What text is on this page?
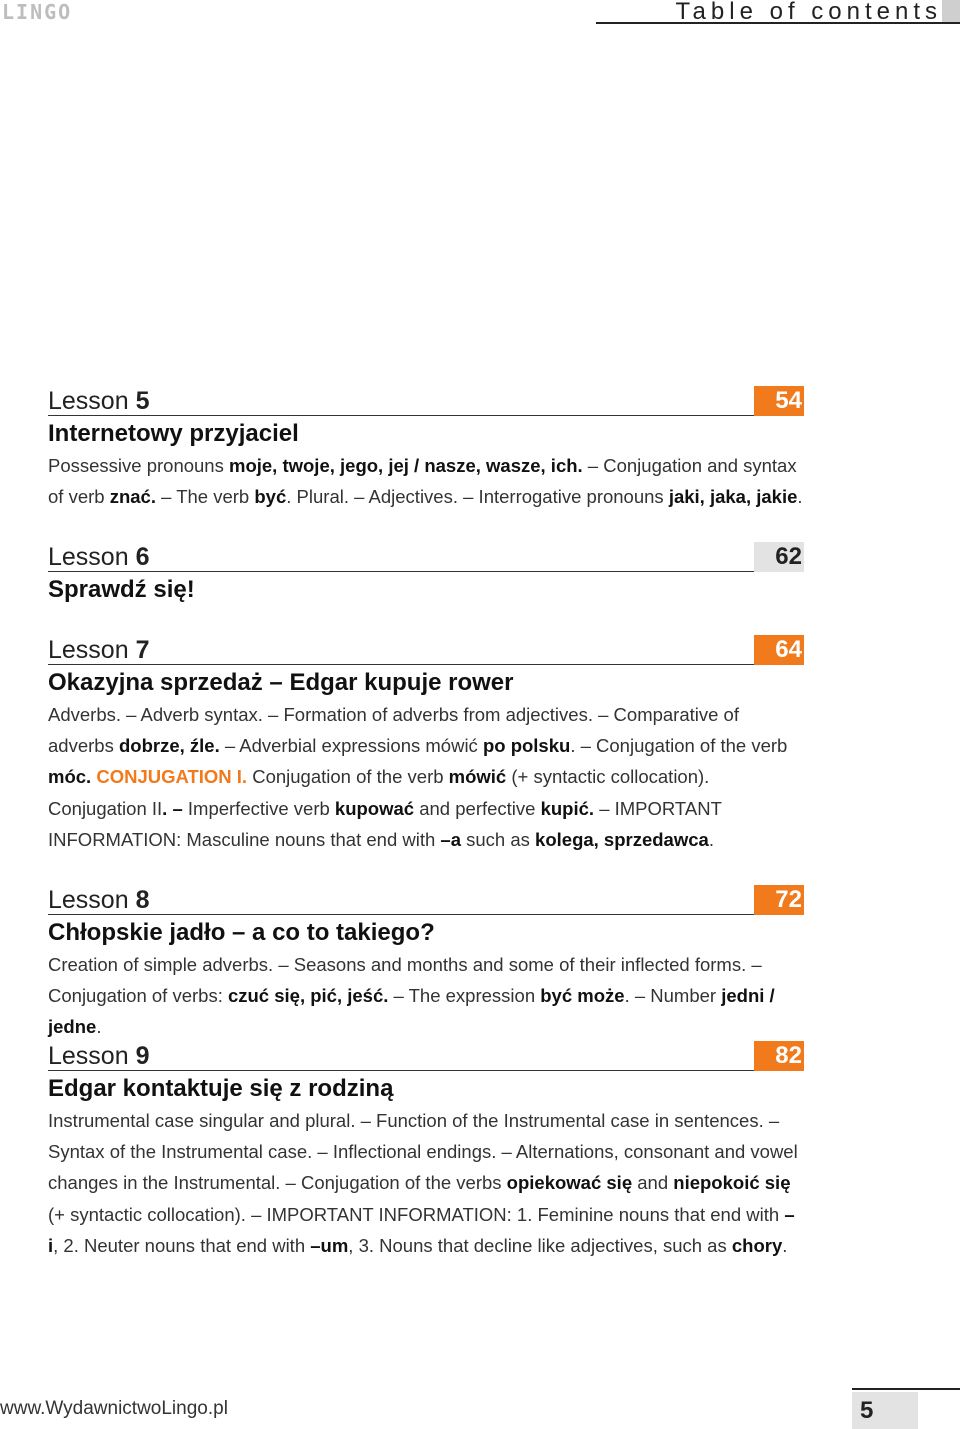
LINGO	Table of contents
Lesson 5	54
Internetowy przyjaciel
Possessive pronouns moje, twoje, jego, jej / nasze, wasze, ich. – Conjugation and syntax of verb znać. – The verb być. Plural. – Adjectives. – Interrogative pronouns jaki, jaka, jakie.
Lesson 6	62
Sprawdź się!
Lesson 7	64
Okazyjna sprzedaż – Edgar kupuje rower
Adverbs. – Adverb syntax. – Formation of adverbs from adjectives. – Comparative of adverbs dobrze, źle. – Adverbial expressions mówić po polsku. – Conjugation of the verb móc. CONJUGATION I. Conjugation of the verb mówić (+ syntactic collocation). Conjugation II. – Imperfective verb kupować and perfective kupić. – IMPORTANT INFORMATION: Masculine nouns that end with –a such as kolega, sprzedawca.
Lesson 8	72
Chłopskie jadło – a co to takiego?
Creation of simple adverbs. – Seasons and months and some of their inflected forms. – Conjugation of verbs: czuć się, pić, jeść. – The expression być może. – Number jedni / jedne.
Lesson 9	82
Edgar kontaktuje się z rodziną
Instrumental case singular and plural. – Function of the Instrumental case in sentences. – Syntax of the Instrumental case. – Inflectional endings. – Alternations, consonant and vowel changes in the Instrumental. – Conjugation of the verbs opiekować się and niepokoić się (+ syntactic collocation). – IMPORTANT INFORMATION: 1. Feminine nouns that end with –i, 2. Neuter nouns that end with –um, 3. Nouns that decline like adjectives, such as chory.
www.WydawnictwoLingo.pl	5
